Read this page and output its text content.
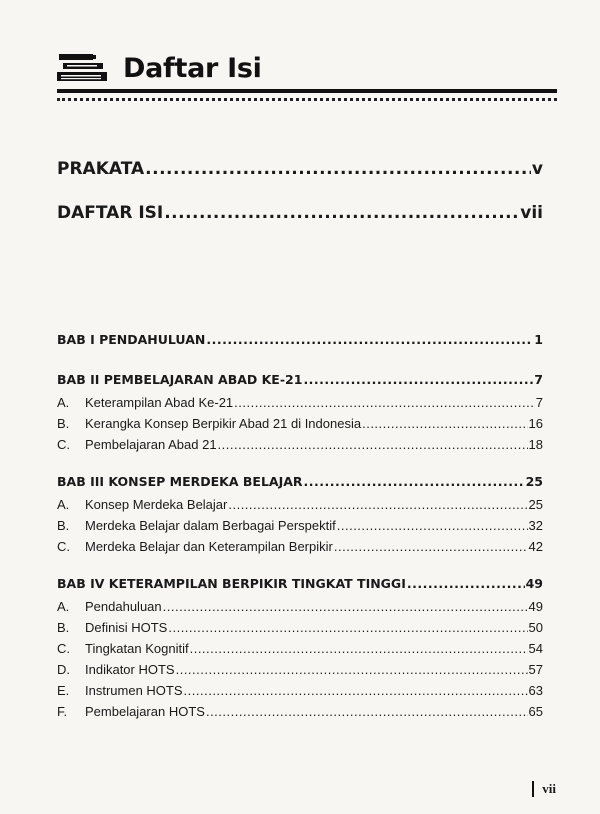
Daftar Isi
PRAKATA .....	v
DAFTAR ISI .....	vii
BAB I PENDAHULUAN .....	1
BAB II PEMBELAJARAN ABAD KE-21 .....	7
A. Keterampilan Abad Ke-21 .....	7
B. Kerangka Konsep Berpikir Abad 21 di Indonesia .....	16
C. Pembelajaran Abad 21 .....	18
BAB III KONSEP MERDEKA BELAJAR .....	25
A. Konsep Merdeka Belajar .....	25
B. Merdeka Belajar dalam Berbagai Perspektif .....	32
C. Merdeka Belajar dan Keterampilan Berpikir .....	42
BAB IV KETERAMPILAN BERPIKIR TINGKAT TINGGI .....	49
A. Pendahuluan .....	49
B. Definisi HOTS .....	50
C. Tingkatan Kognitif .....	54
D. Indikator HOTS .....	57
E. Instrumen HOTS .....	63
F. Pembelajaran HOTS .....	65
vii
